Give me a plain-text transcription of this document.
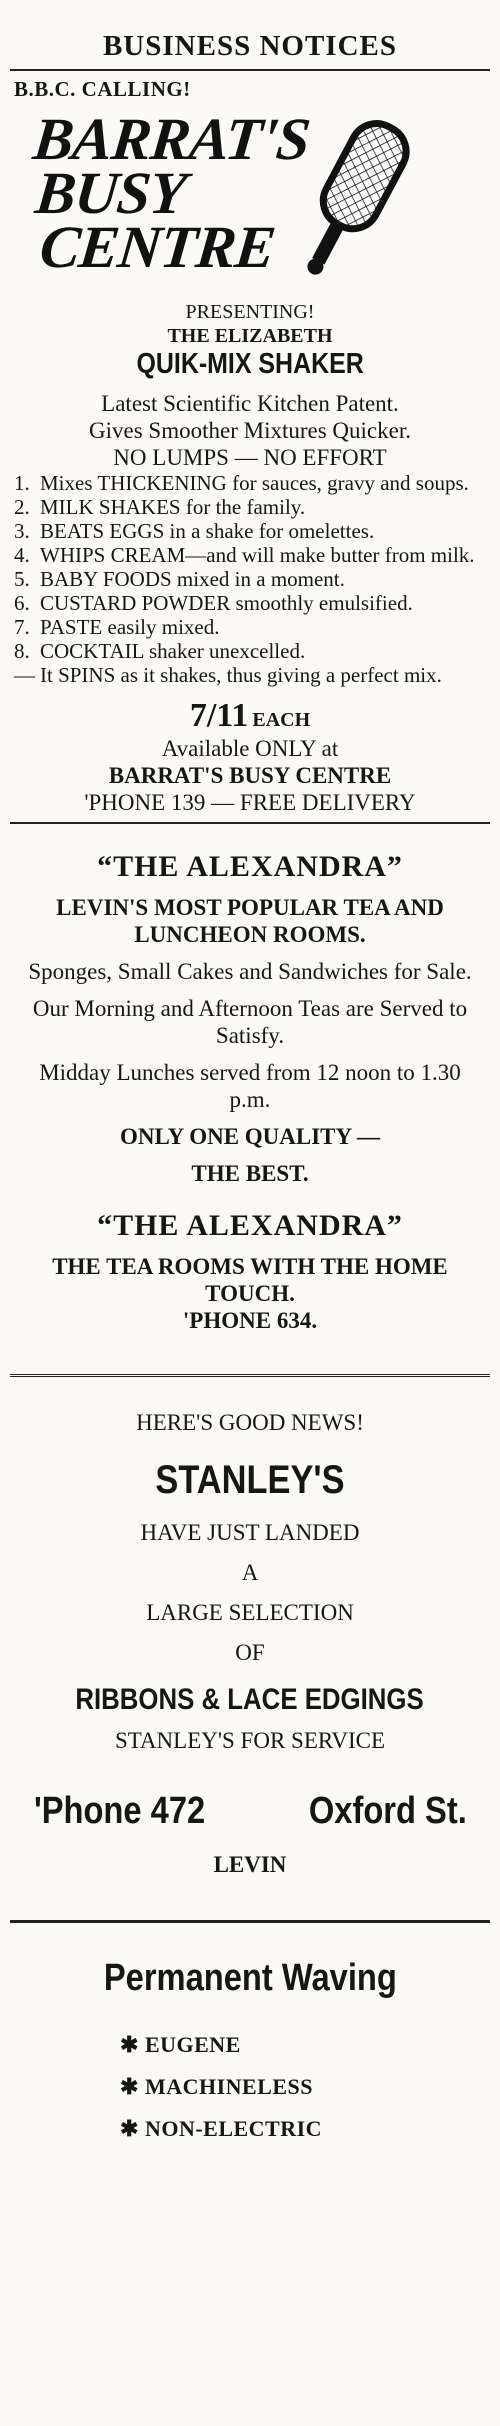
BUSINESS NOTICES
B.B.C. CALLING!
BARRAT'S
BUSY
CENTRE
PRESENTING!
THE ELIZABETH
QUIK-MIX SHAKER
Latest Scientific Kitchen Patent.
Gives Smoother Mixtures Quicker.
NO LUMPS — NO EFFORT
1. Mixes THICKENING for sauces, gravy and soups.
2. MILK SHAKES for the family.
3. BEATS EGGS in a shake for omelettes.
4. WHIPS CREAM—and will make butter from milk.
5. BABY FOODS mixed in a moment.
6. CUSTARD POWDER smoothly emulsified.
7. PASTE easily mixed.
8. COCKTAIL shaker unexcelled.
— It SPINS as it shakes, thus giving a perfect mix.
7/11 EACH
Available ONLY at
BARRAT'S BUSY CENTRE
'PHONE 139 — FREE DELIVERY
“THE ALEXANDRA”
LEVIN'S MOST POPULAR TEA AND LUNCHEON ROOMS.
Sponges, Small Cakes and Sandwiches for Sale.
Our Morning and Afternoon Teas are Served to Satisfy.
Midday Lunches served from 12 noon to 1.30 p.m.
ONLY ONE QUALITY —
THE BEST.
“THE ALEXANDRA”
THE TEA ROOMS WITH THE HOME TOUCH.
'PHONE 634.
HERE'S GOOD NEWS!
STANLEY'S
HAVE JUST LANDED
A
LARGE SELECTION
OF
RIBBONS & LACE EDGINGS
STANLEY'S FOR SERVICE
'Phone 472	Oxford St.
LEVIN
Permanent Waving
✱ EUGENE
✱ MACHINELESS
✱ NON-ELECTRIC
